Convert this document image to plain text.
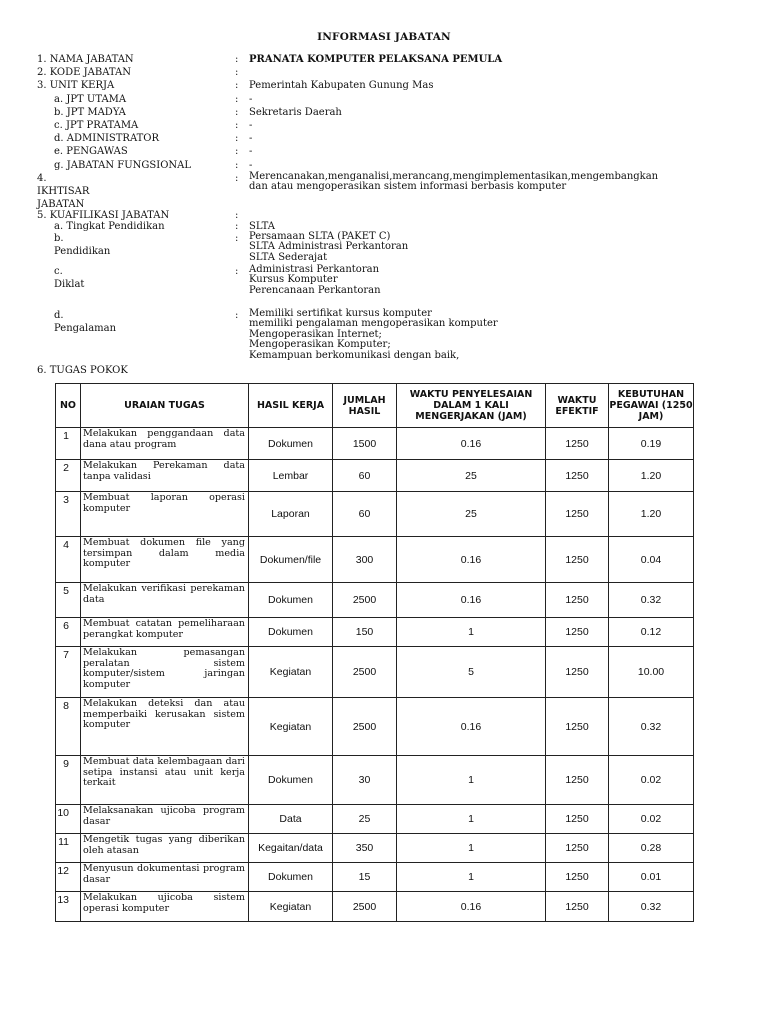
INFORMASI JABATAN
1. NAMA JABATAN	: PRANATA KOMPUTER PELAKSANA PEMULA
2. KODE JABATAN	:
3. UNIT KERJA	: Pemerintah Kabupaten Gunung Mas
a. JPT UTAMA	: -
b. JPT MADYA	: Sekretaris Daerah
c. JPT PRATAMA	: -
d. ADMINISTRATOR	: -
e. PENGAWAS	: -
g. JABATAN FUNGSIONAL	: -
4. IKHTISAR JABATAN
: Merencanakan,menganalisi,merancang,mengimplementasikan,mengembangkan
dan atau mengoperasikan sistem informasi berbasis komputer
5. KUAFILIKASI JABATAN	:
a. Tingkat Pendidikan	: SLTA
b. Pendidikan
: Persamaan SLTA (PAKET C)
SLTA Administrasi Perkantoran
SLTA Sederajat
c. Diklat
: Administrasi Perkantoran
Kursus Komputer
Perencanaan Perkantoran
d. Pengalaman
: Memiliki sertifikat kursus komputer
memiliki pengalaman mengoperasikan komputer
Mengoperasikan Internet;
Mengoperasikan Komputer;
Kemampuan berkomunikasi dengan baik,
6. TUGAS POKOK
NO	URAIAN TUGAS	HASIL KERJA	JUMLAH HASIL	WAKTU PENYELESAIAN DALAM 1 KALI MENGERJAKAN (JAM)	WAKTU EFEKTIF	KEBUTUHAN PEGAWAI (1250 JAM)
1	Melakukan penggandaan data dana atau program	Dokumen	1500	0.16	1250	0.19
2	Melakukan Perekaman data tanpa validasi	Lembar	60	25	1250	1.20
3	Membuat laporan operasi komputer	Laporan	60	25	1250	1.20
4	Membuat dokumen file yang tersimpan dalam media komputer	Dokumen/file	300	0.16	1250	0.04
5	Melakukan verifikasi perekaman data	Dokumen	2500	0.16	1250	0.32
6	Membuat catatan pemeliharaan perangkat komputer	Dokumen	150	1	1250	0.12
7	Melakukan pemasangan peralatan sistem komputer/sistem jaringan komputer	Kegiatan	2500	5	1250	10.00
8	Melakukan deteksi dan atau memperbaiki kerusakan sistem komputer	Kegiatan	2500	0.16	1250	0.32
9	Membuat data kelembagaan dari setipa instansi atau unit kerja terkait	Dokumen	30	1	1250	0.02
10	Melaksanakan ujicoba program dasar	Data	25	1	1250	0.02
11	Mengetik tugas yang diberikan oleh atasan	Kegaitan/data	350	1	1250	0.28
12	Menyusun dokumentasi program dasar	Dokumen	15	1	1250	0.01
13	Melakukan ujicoba sistem operasi komputer	Kegiatan	2500	0.16	1250	0.32
